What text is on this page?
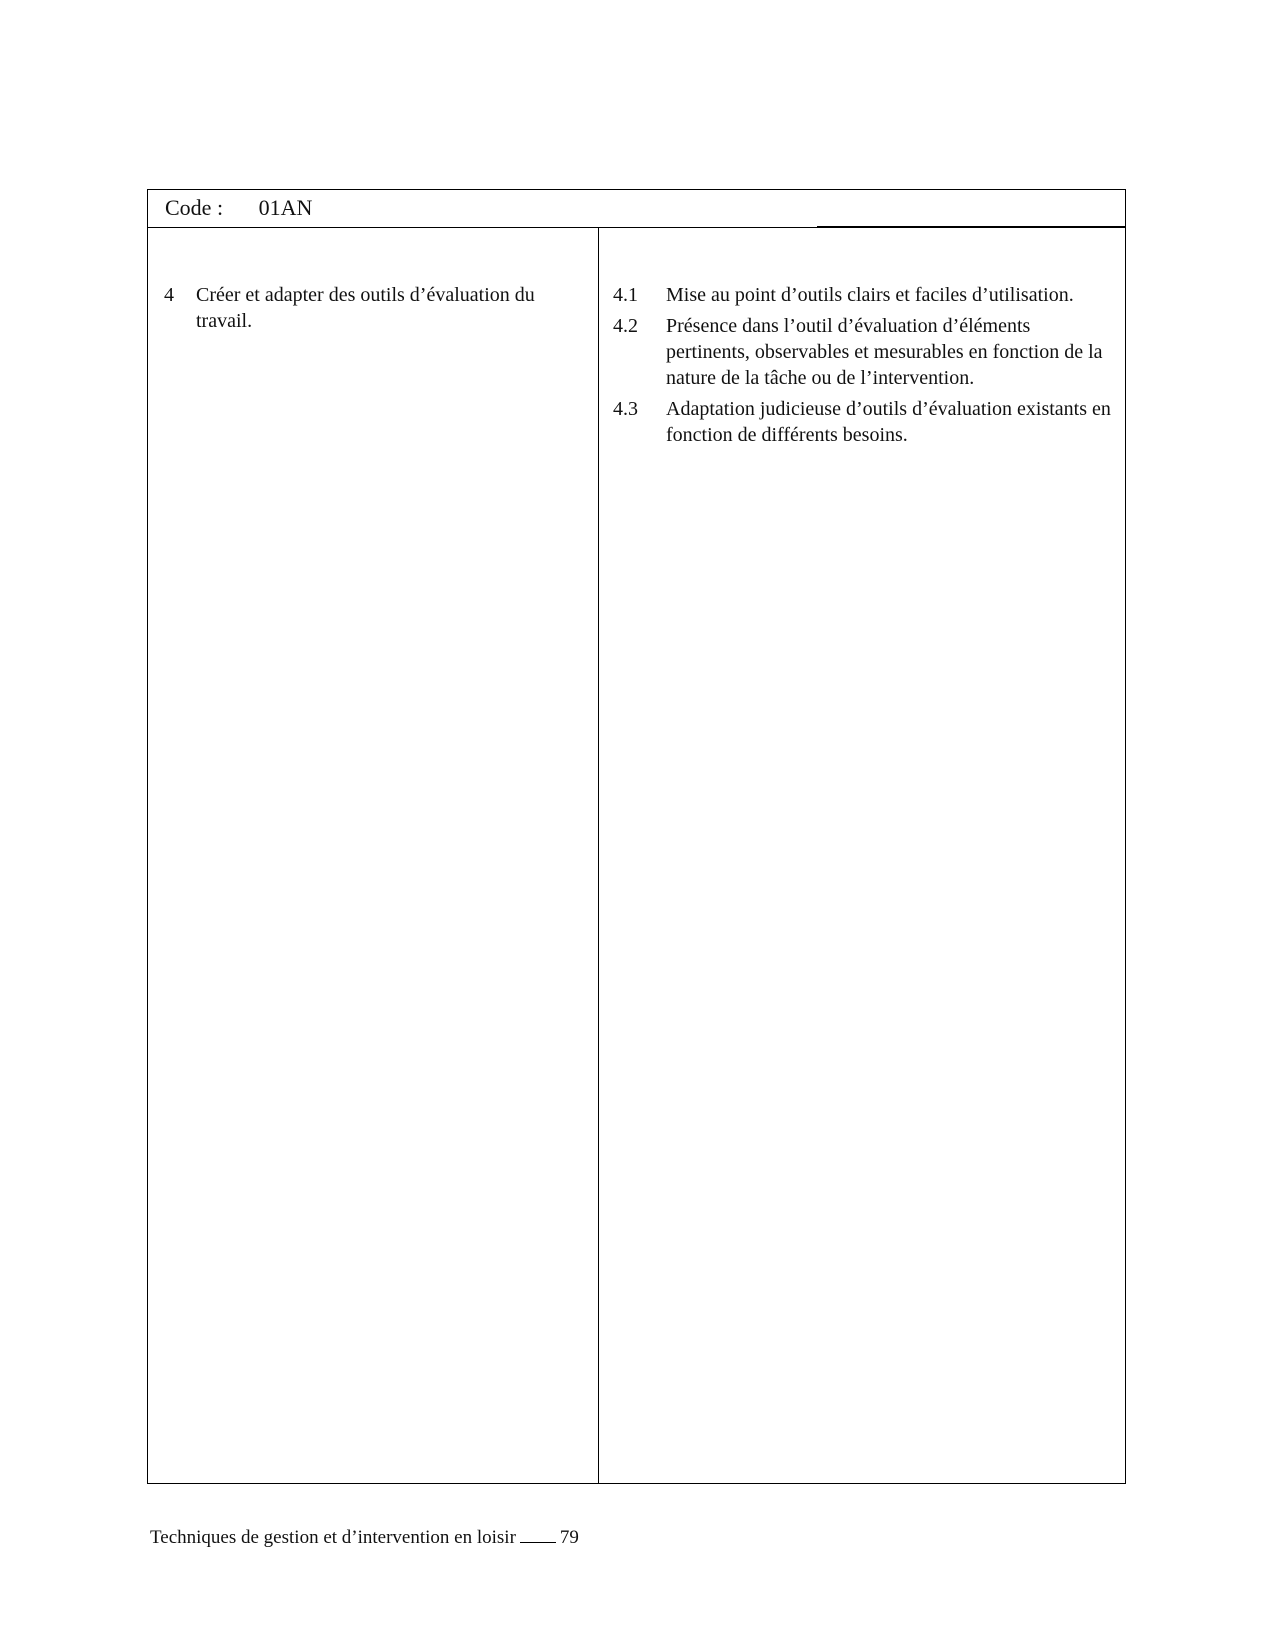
Code : 01AN
4 Créer et adapter des outils d’évaluation du travail.
4.1 Mise au point d’outils clairs et faciles d’utilisation.
4.2 Présence dans l’outil d’évaluation d’éléments pertinents, observables et mesurables en fonction de la nature de la tâche ou de l’intervention.
4.3 Adaptation judicieuse d’outils d’évaluation existants en fonction de différents besoins.
Techniques de gestion et d’intervention en loisir 79
